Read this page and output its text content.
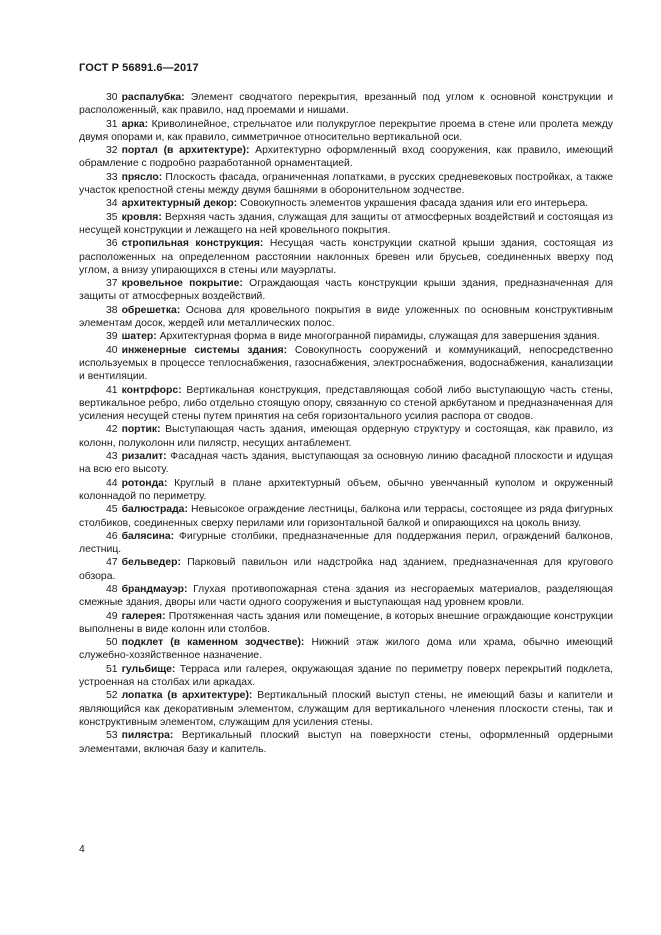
ГОСТ Р 56891.6—2017

30 распалубка: Элемент сводчатого перекрытия, врезанный под углом к основной конструкции и расположенный, как правило, над проемами и нишами.

31 арка: Криволинейное, стрельчатое или полукруглое перекрытие проема в стене или пролета между двумя опорами и, как правило, симметричное относительно вертикальной оси.

32 портал (в архитектуре): Архитектурно оформленный вход сооружения, как правило, имеющий обрамление с подробно разработанной орнаментацией.

33 прясло: Плоскость фасада, ограниченная лопатками, в русских средневековых постройках, а также участок крепостной стены между двумя башнями в оборонительном зодчестве.

34 архитектурный декор: Совокупность элементов украшения фасада здания или его интерьера.

35 кровля: Верхняя часть здания, служащая для защиты от атмосферных воздействий и состоящая из несущей конструкции и лежащего на ней кровельного покрытия.

36 стропильная конструкция: Несущая часть конструкции скатной крыши здания, состоящая из расположенных на определенном расстоянии наклонных бревен или брусьев, соединенных вверху под углом, а внизу упирающихся в стены или мауэрлаты.

37 кровельное покрытие: Ограждающая часть конструкции крыши здания, предназначенная для защиты от атмосферных воздействий.

38 обрешетка: Основа для кровельного покрытия в виде уложенных по основным конструктивным элементам досок, жердей или металлических полос.

39 шатер: Архитектурная форма в виде многогранной пирамиды, служащая для завершения здания.

40 инженерные системы здания: Совокупность сооружений и коммуникаций, непосредственно используемых в процессе теплоснабжения, газоснабжения, электроснабжения, водоснабжения, канализации и вентиляции.

41 контрфорс: Вертикальная конструкция, представляющая собой либо выступающую часть стены, вертикальное ребро, либо отдельно стоящую опору, связанную со стеной аркбутаном и предназначенная для усиления несущей стены путем принятия на себя горизонтального усилия распора от сводов.

42 портик: Выступающая часть здания, имеющая ордерную структуру и состоящая, как правило, из колонн, полуколонн или пилястр, несущих антаблемент.

43 ризалит: Фасадная часть здания, выступающая за основную линию фасадной плоскости и идущая на всю его высоту.

44 ротонда: Круглый в плане архитектурный объем, обычно увенчанный куполом и окруженный колоннадой по периметру.

45 балюстрада: Невысокое ограждение лестницы, балкона или террасы, состоящее из ряда фигурных столбиков, соединенных сверху перилами или горизонтальной балкой и опирающихся на цоколь внизу.

46 балясина: Фигурные столбики, предназначенные для поддержания перил, ограждений балконов, лестниц.

47 бельведер: Парковый павильон или надстройка над зданием, предназначенная для кругового обзора.

48 брандмауэр: Глухая противопожарная стена здания из несгораемых материалов, разделяющая смежные здания, дворы или части одного сооружения и выступающая над уровнем кровли.

49 галерея: Протяженная часть здания или помещение, в которых внешние ограждающие конструкции выполнены в виде колонн или столбов.

50 подклет (в каменном зодчестве): Нижний этаж жилого дома или храма, обычно имеющий служебно-хозяйственное назначение.

51 гульбище: Терраса или галерея, окружающая здание по периметру поверх перекрытий подклета, устроенная на столбах или аркадах.

52 лопатка (в архитектуре): Вертикальный плоский выступ стены, не имеющий базы и капители и являющийся как декоративным элементом, служащим для вертикального членения плоскости стены, так и конструктивным элементом, служащим для усиления стены.

53 пилястра: Вертикальный плоский выступ на поверхности стены, оформленный ордерными элементами, включая базу и капитель.

4
